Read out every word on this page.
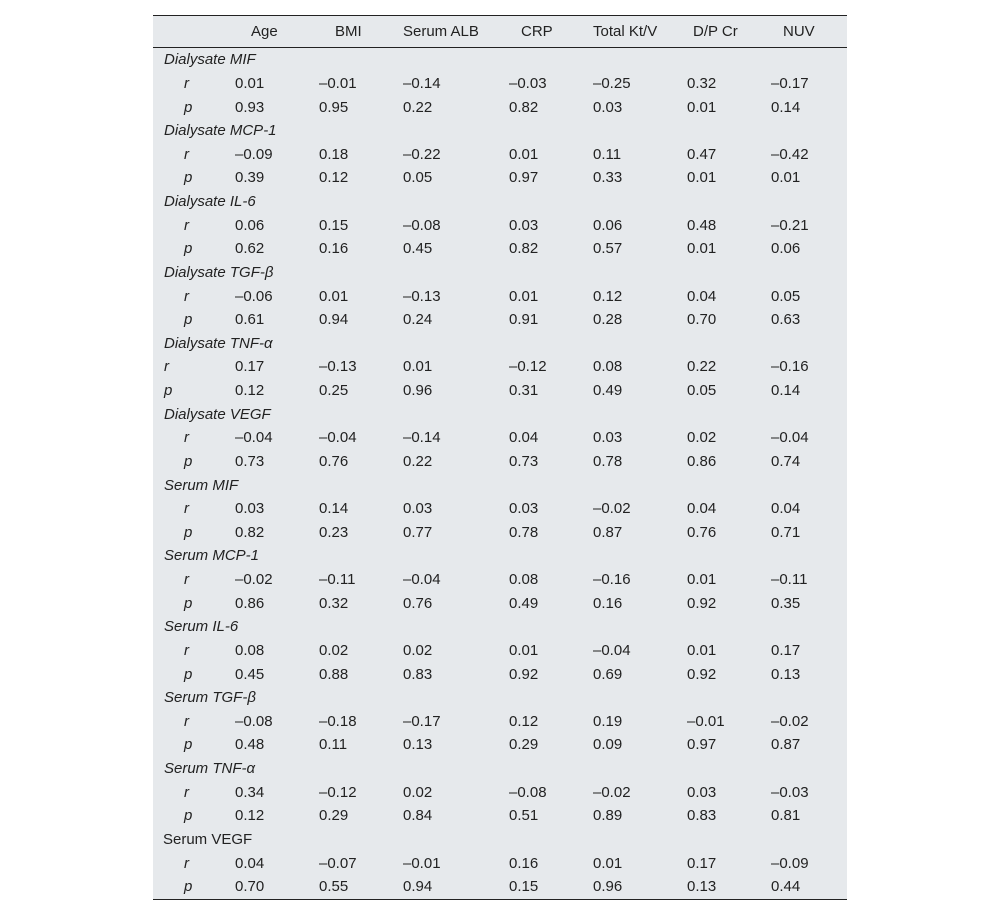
	Age	BMI	Serum ALB	CRP	Total Kt/V	D/P Cr	NUV
Dialysate MIF							
r	0.01	–0.01	–0.14	–0.03	–0.25	0.32	–0.17
p	0.93	0.95	0.22	0.82	0.03	0.01	0.14
Dialysate MCP-1							
r	–0.09	0.18	–0.22	0.01	0.11	0.47	–0.42
p	0.39	0.12	0.05	0.97	0.33	0.01	0.01
Dialysate IL-6							
r	0.06	0.15	–0.08	0.03	0.06	0.48	–0.21
p	0.62	0.16	0.45	0.82	0.57	0.01	0.06
Dialysate TGF-β							
r	–0.06	0.01	–0.13	0.01	0.12	0.04	0.05
p	0.61	0.94	0.24	0.91	0.28	0.70	0.63
Dialysate TNF-α							
r	0.17	–0.13	0.01	–0.12	0.08	0.22	–0.16
p	0.12	0.25	0.96	0.31	0.49	0.05	0.14
Dialysate VEGF							
r	–0.04	–0.04	–0.14	0.04	0.03	0.02	–0.04
p	0.73	0.76	0.22	0.73	0.78	0.86	0.74
Serum MIF							
r	0.03	0.14	0.03	0.03	–0.02	0.04	0.04
p	0.82	0.23	0.77	0.78	0.87	0.76	0.71
Serum MCP-1							
r	–0.02	–0.11	–0.04	0.08	–0.16	0.01	–0.11
p	0.86	0.32	0.76	0.49	0.16	0.92	0.35
Serum IL-6							
r	0.08	0.02	0.02	0.01	–0.04	0.01	0.17
p	0.45	0.88	0.83	0.92	0.69	0.92	0.13
Serum TGF-β							
r	–0.08	–0.18	–0.17	0.12	0.19	–0.01	–0.02
p	0.48	0.11	0.13	0.29	0.09	0.97	0.87
Serum TNF-α							
r	0.34	–0.12	0.02	–0.08	–0.02	0.03	–0.03
p	0.12	0.29	0.84	0.51	0.89	0.83	0.81
Serum VEGF							
r	0.04	–0.07	–0.01	0.16	0.01	0.17	–0.09
p	0.70	0.55	0.94	0.15	0.96	0.13	0.44
